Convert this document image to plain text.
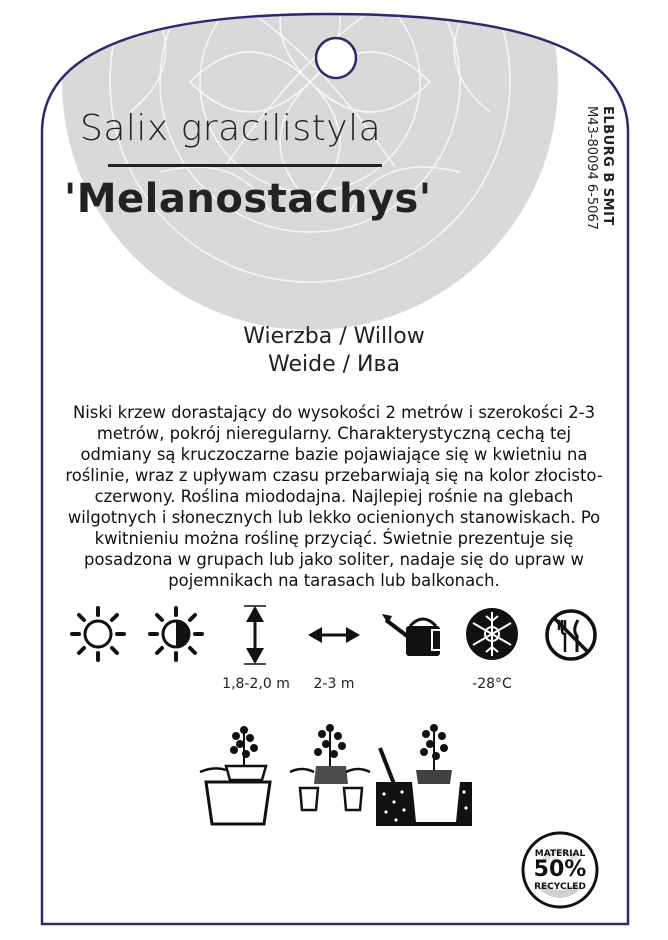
Salix gracilistyla
'Melanostachys'	ELBURG B SMIT
M43-80094 6-5067
Wierzba / Willow
Weide / Ива
Niski krzew dorastający do wysokości 2 metrów i szerokości 2-3 metrów, pokrój nieregularny. Charakterystyczną cechą tej odmiany są kruczoczarne bazie pojawiające się w kwietniu na roślinie, wraz z upływam czasu przebarwiają się na kolor złocisto-czerwony. Roślina miododajna. Najlepiej rośnie na glebach wilgotnych i słonecznych lub lekko ocienionych stanowiskach. Po kwitnieniu można roślinę przyciąć. Świetnie prezentuje się posadzona w grupach lub jako soliter, nadaje się do upraw w pojemnikach na tarasach lub balkonach.
1,8-2,0 m	2-3 m	-28°C
MATERIAL
50%
RECYCLED
